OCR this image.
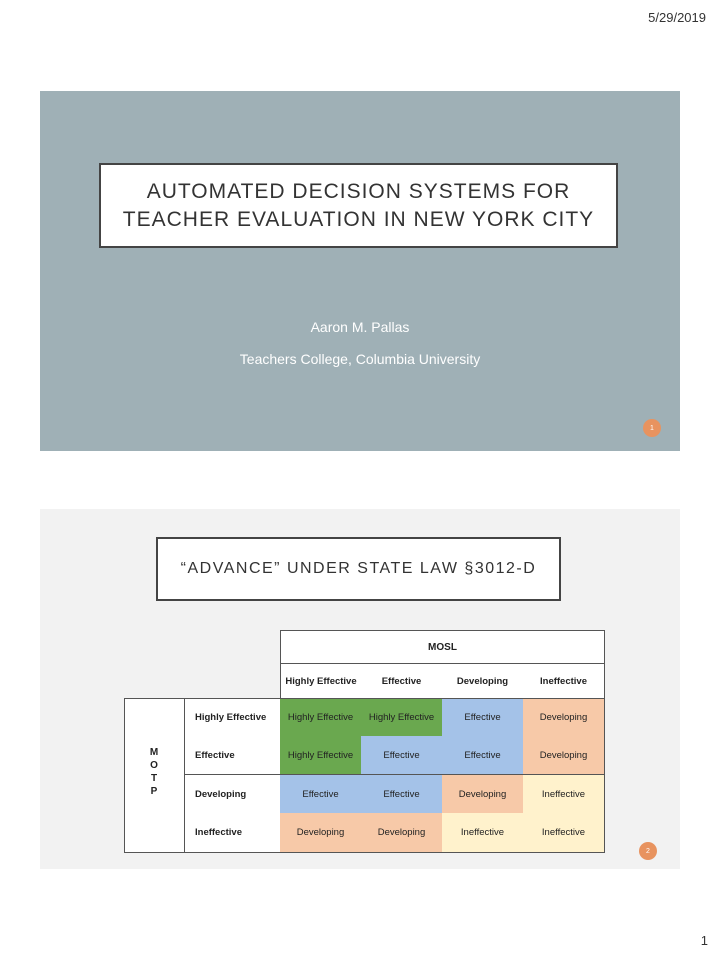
5/29/2019
AUTOMATED DECISION SYSTEMS FOR TEACHER EVALUATION IN NEW YORK CITY
Aaron M. Pallas
Teachers College, Columbia University
1
“ADVANCE” UNDER STATE LAW §3012-D
MOSL
M
O
T
P
Highly Effective	Effective	Developing	Ineffective
Highly Effective	Highly Effective	Highly Effective	Effective	Developing
Effective	Highly Effective	Effective	Effective	Developing
Developing	Effective	Effective	Developing	Ineffective
Ineffective	Developing	Developing	Ineffective	Ineffective
2
1
